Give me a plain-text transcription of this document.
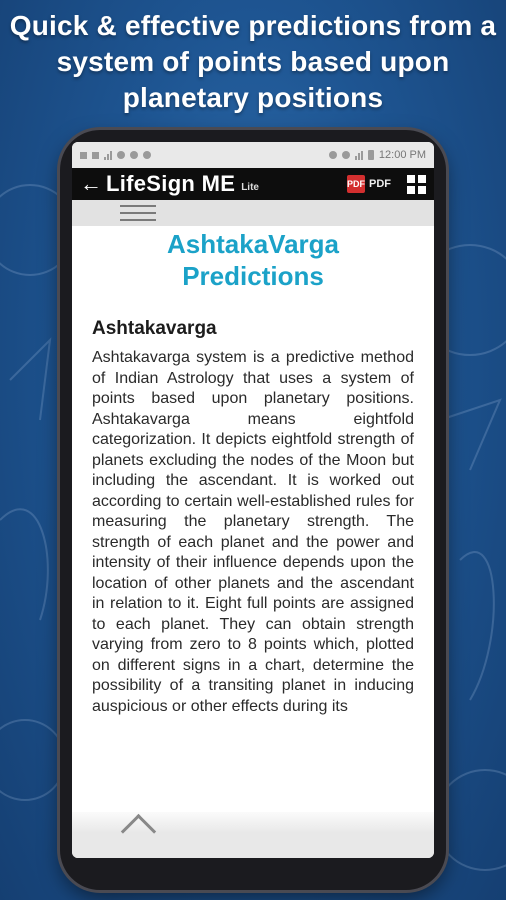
Quick & effective predictions from a
system of points based upon
planetary positions
12:00 PM
← LifeSign ME Lite	PDF PDF
AshtakaVarga
Predictions
Ashtakavarga

Ashtakavarga system is a predictive method of Indian Astrology that uses a system of points based upon planetary positions. Ashtakavarga means eightfold categorization. It depicts eightfold strength of planets excluding the nodes of the Moon but including the ascendant. It is worked out according to certain well-established rules for measuring the planetary strength. The strength of each planet and the power and intensity of their influence depends upon the location of other planets and the ascendant in relation to it. Eight full points are assigned to each planet. They can obtain strength varying from zero to 8 points which, plotted on different signs in a chart, determine the possibility of a transiting planet in inducing auspicious or other effects during its
